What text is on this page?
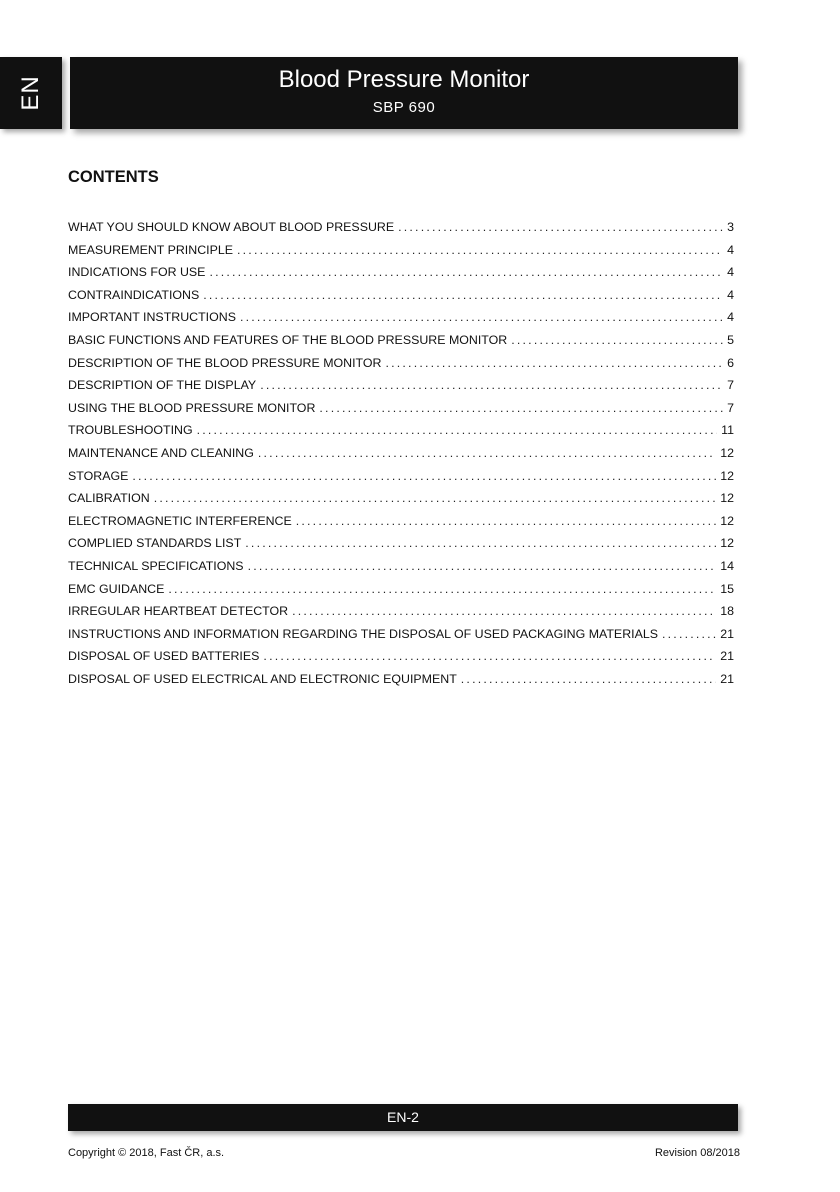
EN	Blood Pressure Monitor
SBP 690
CONTENTS
WHAT YOU SHOULD KNOW ABOUT BLOOD PRESSURE .....	3
MEASUREMENT PRINCIPLE .....	4
INDICATIONS FOR USE .....	4
CONTRAINDICATIONS .....	4
IMPORTANT INSTRUCTIONS .....	4
BASIC FUNCTIONS AND FEATURES OF THE BLOOD PRESSURE MONITOR .....	5
DESCRIPTION OF THE BLOOD PRESSURE MONITOR .....	6
DESCRIPTION OF THE DISPLAY .....	7
USING THE BLOOD PRESSURE MONITOR .....	7
TROUBLESHOOTING .....	11
MAINTENANCE AND CLEANING .....	12
STORAGE .....	12
CALIBRATION .....	12
ELECTROMAGNETIC INTERFERENCE .....	12
COMPLIED STANDARDS LIST .....	12
TECHNICAL SPECIFICATIONS .....	14
EMC GUIDANCE .....	15
IRREGULAR HEARTBEAT DETECTOR .....	18
INSTRUCTIONS AND INFORMATION REGARDING THE DISPOSAL OF USED PACKAGING MATERIALS .....	21
DISPOSAL OF USED BATTERIES .....	21
DISPOSAL OF USED ELECTRICAL AND ELECTRONIC EQUIPMENT .....	21
EN-2
Copyright © 2018, Fast ČR, a.s.	Revision 08/2018
